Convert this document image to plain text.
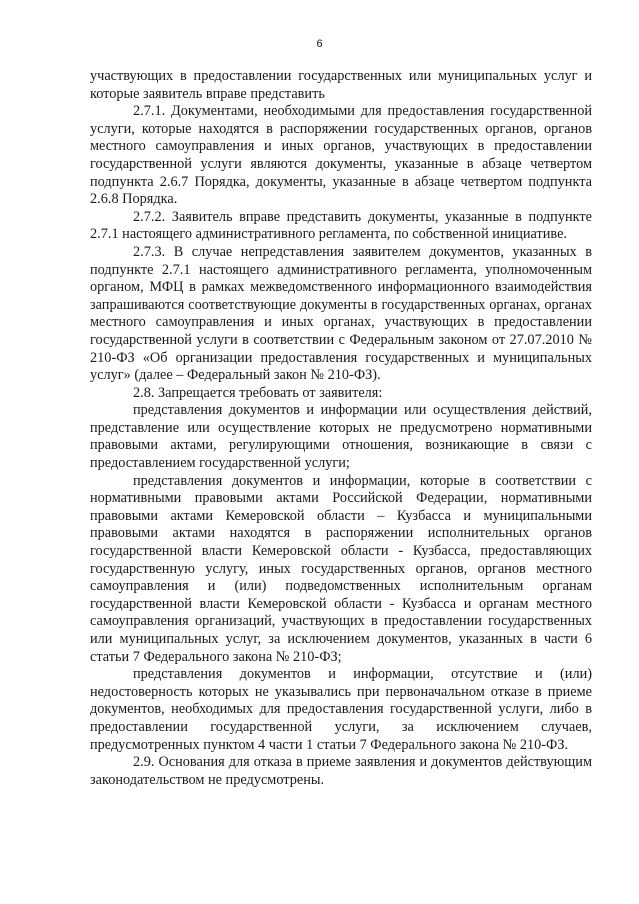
6

участвующих в предоставлении государственных или муниципальных услуг и которые заявитель вправе представить

2.7.1. Документами, необходимыми для предоставления государственной услуги, которые находятся в распоряжении государственных органов, органов местного самоуправления и иных органов, участвующих в предоставлении государственной услуги являются документы, указанные в абзаце четвертом подпункта 2.6.7 Порядка, документы, указанные в абзаце четвертом подпункта 2.6.8 Порядка.

2.7.2. Заявитель вправе представить документы, указанные в подпункте 2.7.1 настоящего административного регламента, по собственной инициативе.

2.7.3. В случае непредставления заявителем документов, указанных в подпункте 2.7.1 настоящего административного регламента, уполномоченным органом, МФЦ в рамках межведомственного информационного взаимодействия запрашиваются соответствующие документы в государственных органах, органах местного самоуправления и иных органах, участвующих в предоставлении государственной услуги в соответствии с Федеральным законом от 27.07.2010 № 210-ФЗ «Об организации предоставления государственных и муниципальных услуг» (далее – Федеральный закон № 210-ФЗ).

2.8. Запрещается требовать от заявителя:

представления документов и информации или осуществления действий, представление или осуществление которых не предусмотрено нормативными правовыми актами, регулирующими отношения, возникающие в связи с предоставлением государственной услуги;

представления документов и информации, которые в соответствии с нормативными правовыми актами Российской Федерации, нормативными правовыми актами Кемеровской области – Кузбасса и муниципальными правовыми актами находятся в распоряжении исполнительных органов государственной власти Кемеровской области - Кузбасса, предоставляющих государственную услугу, иных государственных органов, органов местного самоуправления и (или) подведомственных исполнительным органам государственной власти Кемеровской области - Кузбасса и органам местного самоуправления организаций, участвующих в предоставлении государственных или муниципальных услуг, за исключением документов, указанных в части 6 статьи 7 Федерального закона № 210-ФЗ;

представления документов и информации, отсутствие и (или) недостоверность которых не указывались при первоначальном отказе в приеме документов, необходимых для предоставления государственной услуги, либо в предоставлении государственной услуги, за исключением случаев, предусмотренных пунктом 4 части 1 статьи 7 Федерального закона № 210-ФЗ.

2.9. Основания для отказа в приеме заявления и документов действующим законодательством не предусмотрены.
